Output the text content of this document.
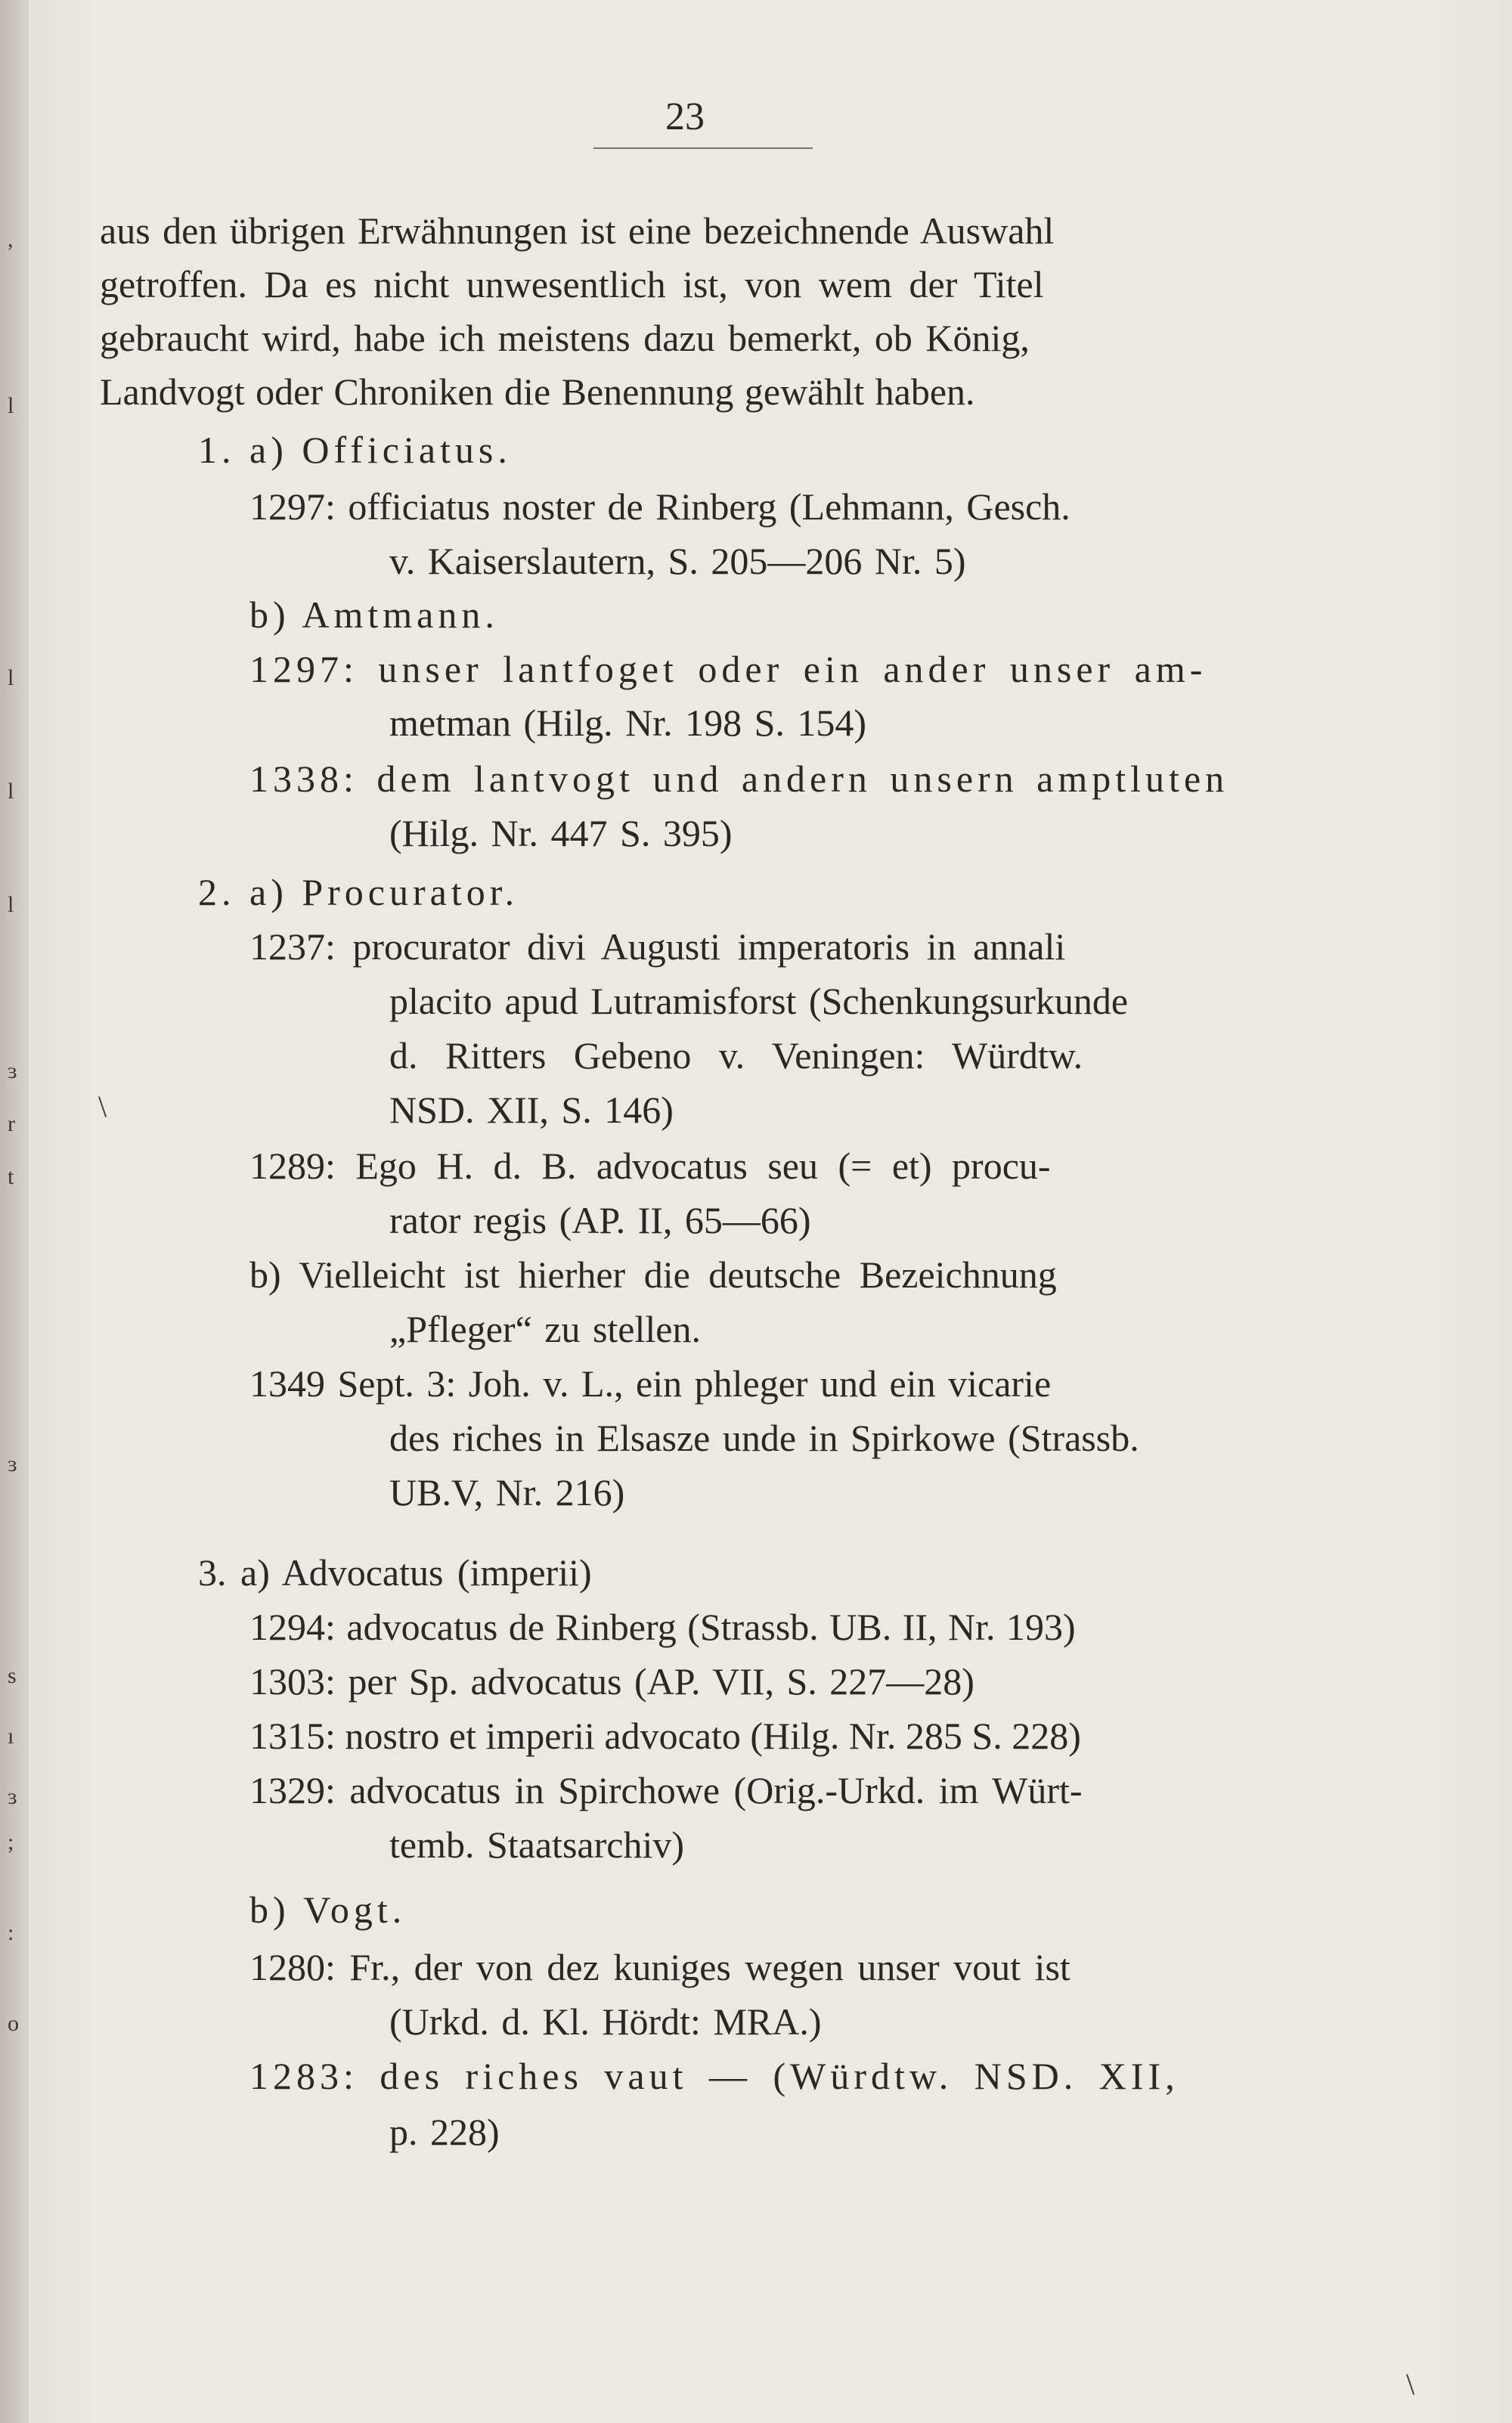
,
l
l
l
l
ɜ
r
t
ɜ
s
ı
ɜ
;
:
o
23
aus den übrigen Erwähnungen ist eine bezeichnende Auswahl
getroffen. Da es nicht unwesentlich ist, von wem der Titel
gebraucht wird, habe ich meistens dazu bemerkt, ob König,
Landvogt oder Chroniken die Benennung gewählt haben.
1. a) Officiatus.
1297: officiatus noster de Rinberg (Lehmann, Gesch.
v. Kaiserslautern, S. 205—206 Nr. 5)
b) Amtmann.
1297: unser lantfoget oder ein ander unser am-
metman (Hilg. Nr. 198 S. 154)
1338: dem lantvogt und andern unsern amptluten
(Hilg. Nr. 447 S. 395)
2. a) Procurator.
1237: procurator divi Augusti imperatoris in annali
placito apud Lutramisforst (Schenkungsurkunde
d. Ritters Gebeno v. Veningen: Würdtw.
\	NSD. XII, S. 146)
1289: Ego H. d. B. advocatus seu (= et) procu-
rator regis (AP. II, 65—66)
b) Vielleicht ist hierher die deutsche Bezeichnung
„Pfleger“ zu stellen.
1349 Sept. 3: Joh. v. L., ein phleger und ein vicarie
des riches in Elsasze unde in Spirkowe (Strassb.
UB.V, Nr. 216)
3. a) Advocatus (imperii)
1294: advocatus de Rinberg (Strassb. UB. II, Nr. 193)
1303: per Sp. advocatus (AP. VII, S. 227—28)
1315: nostro et imperii advocato (Hilg. Nr. 285 S. 228)
1329: advocatus in Spirchowe (Orig.-Urkd. im Würt-
temb. Staatsarchiv)
b) Vogt.
1280: Fr., der von dez kuniges wegen unser vout ist
(Urkd. d. Kl. Hördt: MRA.)
1283: des riches vaut — (Würdtw. NSD. XII,
p. 228)
\
